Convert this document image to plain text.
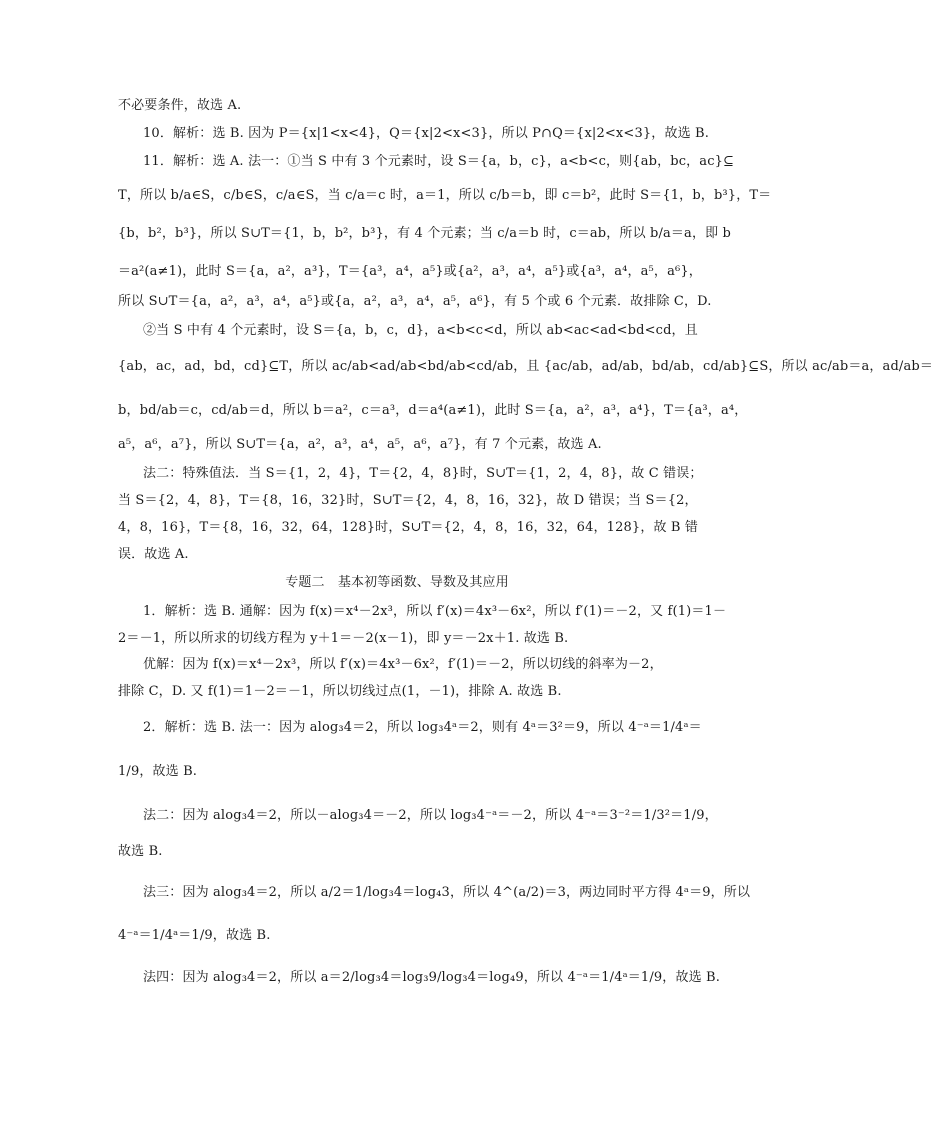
不必要条件，故选 A.
10．解析：选 B. 因为 P＝{x|1<x<4}，Q＝{x|2<x<3}，所以 P∩Q＝{x|2<x<3}，故选 B.
11．解析：选 A. 法一：①当 S 中有 3 个元素时，设 S＝{a，b，c}，a<b<c，则{ab，bc，ac}⊆
T，所以 b/a∈S，c/b∈S，c/a∈S，当 c/a＝c 时，a＝1，所以 c/b＝b，即 c＝b²，此时 S＝{1，b，b³}，T＝
{b，b²，b³}，所以 S∪T＝{1，b，b²，b³}，有 4 个元素；当 c/a＝b 时，c＝ab，所以 b/a＝a，即 b
＝a²(a≠1)，此时 S＝{a，a²，a³}，T＝{a³，a⁴，a⁵}或{a²，a³，a⁴，a⁵}或{a³，a⁴，a⁵，a⁶}，
所以 S∪T＝{a，a²，a³，a⁴，a⁵}或{a，a²，a³，a⁴，a⁵，a⁶}，有 5 个或 6 个元素．故排除 C，D.
②当 S 中有 4 个元素时，设 S＝{a，b，c，d}，a<b<c<d，所以 ab<ac<ad<bd<cd，且
{ab，ac，ad，bd，cd}⊆T，所以 ac/ab<ad/ab<bd/ab<cd/ab，且 {ac/ab，ad/ab，bd/ab，cd/ab}⊆S，所以 ac/ab＝a，ad/ab＝
b，bd/ab＝c，cd/ab＝d，所以 b＝a²，c＝a³，d＝a⁴(a≠1)，此时 S＝{a，a²，a³，a⁴}，T＝{a³，a⁴，
a⁵，a⁶，a⁷}，所以 S∪T＝{a，a²，a³，a⁴，a⁵，a⁶，a⁷}，有 7 个元素，故选 A.
法二：特殊值法．当 S＝{1，2，4}，T＝{2，4，8}时，S∪T＝{1，2，4，8}，故 C 错误；
当 S＝{2，4，8}，T＝{8，16，32}时，S∪T＝{2，4，8，16，32}，故 D 错误；当 S＝{2，
4，8，16}，T＝{8，16，32，64，128}时，S∪T＝{2，4，8，16，32，64，128}，故 B 错
误．故选 A.
专题二　基本初等函数、导数及其应用
1．解析：选 B. 通解：因为 f(x)＝x⁴－2x³，所以 f′(x)＝4x³－6x²，所以 f′(1)＝－2，又 f(1)＝1－
2＝－1，所以所求的切线方程为 y＋1＝－2(x－1)，即 y＝－2x＋1. 故选 B.
优解：因为 f(x)＝x⁴－2x³，所以 f′(x)＝4x³－6x²，f′(1)＝－2，所以切线的斜率为－2，
排除 C，D. 又 f(1)＝1－2＝－1，所以切线过点(1，－1)，排除 A. 故选 B.
2．解析：选 B. 法一：因为 alog₃4＝2，所以 log₃4ᵃ＝2，则有 4ᵃ＝3²＝9，所以 4⁻ᵃ＝1/4ᵃ＝
1/9，故选 B.
法二：因为 alog₃4＝2，所以－alog₃4＝－2，所以 log₃4⁻ᵃ＝－2，所以 4⁻ᵃ＝3⁻²＝1/3²＝1/9，
故选 B.
法三：因为 alog₃4＝2，所以 a/2＝1/log₃4＝log₄3，所以 4^(a/2)＝3，两边同时平方得 4ᵃ＝9，所以
4⁻ᵃ＝1/4ᵃ＝1/9，故选 B.
法四：因为 alog₃4＝2，所以 a＝2/log₃4＝log₃9/log₃4＝log₄9，所以 4⁻ᵃ＝1/4ᵃ＝1/9，故选 B.
